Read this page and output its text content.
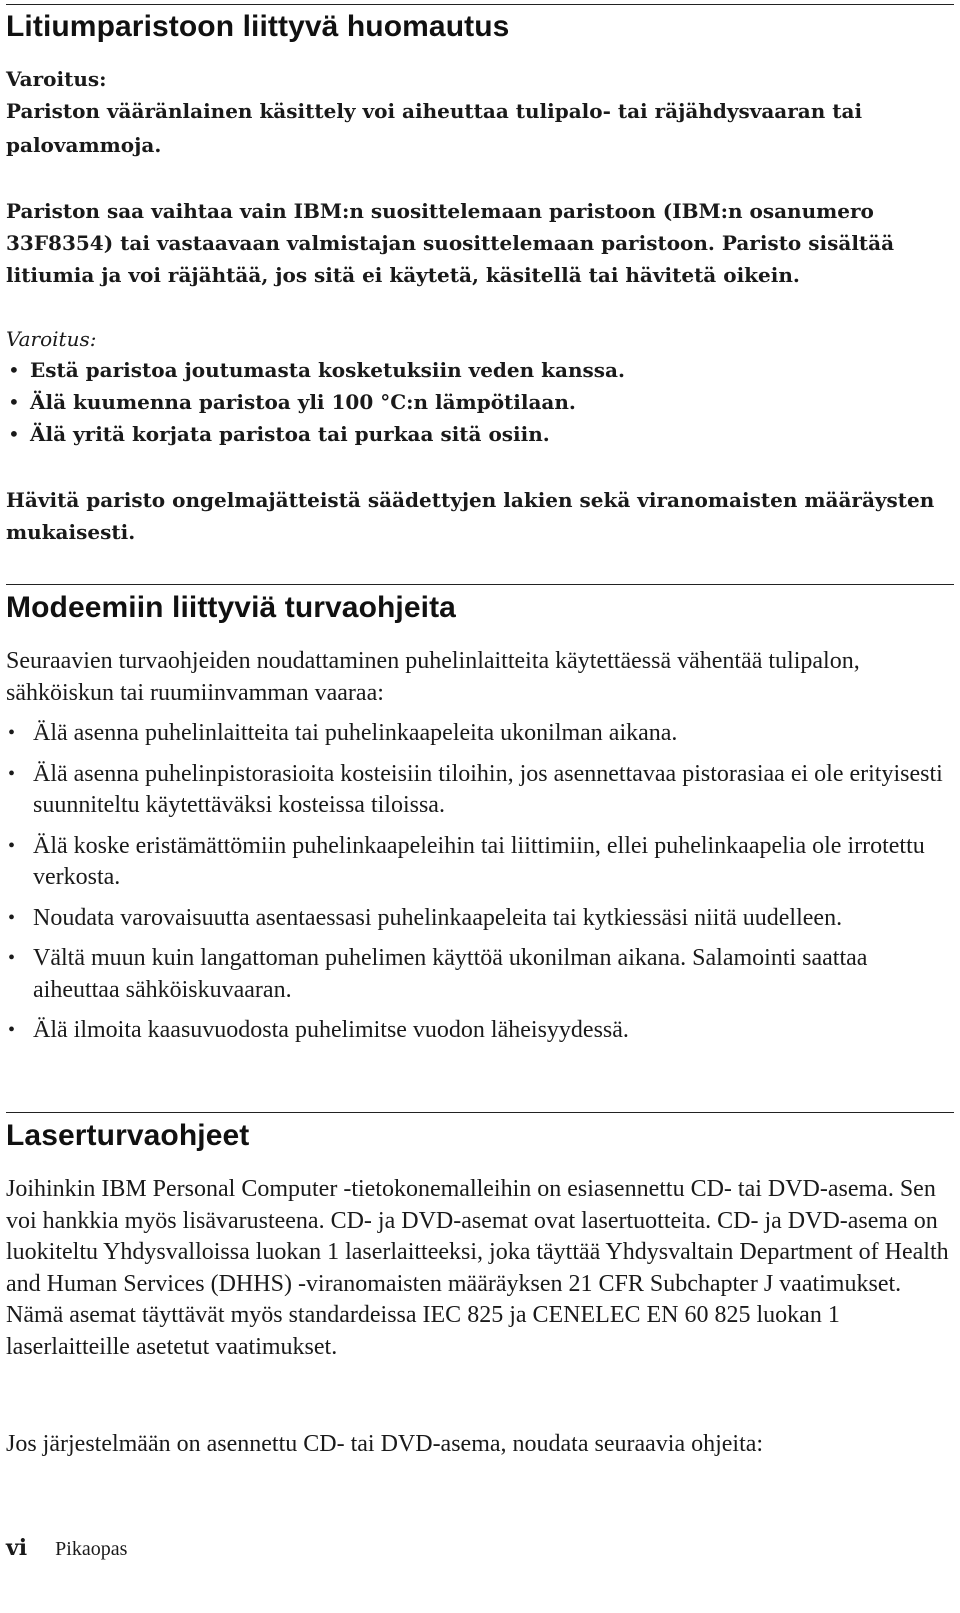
Litiumparistoon liittyvä huomautus
Varoitus:

Pariston vääränlainen käsittely voi aiheuttaa tulipalo- tai räjähdysvaaran tai palovammoja.

Pariston saa vaihtaa vain IBM:n suosittelemaan paristoon (IBM:n osanumero 33F8354) tai vastaavaan valmistajan suosittelemaan paristoon. Paristo sisältää litiumia ja voi räjähtää, jos sitä ei käytetä, käsitellä tai hävitetä oikein.

Varoitus:
• Estä paristoa joutumasta kosketuksiin veden kanssa.
• Älä kuumenna paristoa yli 100 °C:n lämpötilaan.
• Älä yritä korjata paristoa tai purkaa sitä osiin.

Hävitä paristo ongelmajätteistä säädettyjen lakien sekä viranomaisten määräysten mukaisesti.

Modeemiin liittyviä turvaohjeita

Seuraavien turvaohjeiden noudattaminen puhelinlaitteita käytettäessä vähentää tulipalon, sähköiskun tai ruumiinvamman vaaraa:

• Älä asenna puhelinlaitteita tai puhelinkaapeleita ukonilman aikana.
• Älä asenna puhelinpistorasioita kosteisiin tiloihin, jos asennettavaa pistorasiaa ei ole erityisesti suunniteltu käytettäväksi kosteissa tiloissa.
• Älä koske eristämättömiin puhelinkaapeleihin tai liittimiin, ellei puhelinkaapelia ole irrotettu verkosta.
• Noudata varovaisuutta asentaessasi puhelinkaapeleita tai kytkiessäsi niitä uudelleen.
• Vältä muun kuin langattoman puhelimen käyttöä ukonilman aikana. Salamointi saattaa aiheuttaa sähköiskuvaaran.
• Älä ilmoita kaasuvuodosta puhelimitse vuodon läheisyydessä.
Laserturvaohjeet

Joihinkin IBM Personal Computer -tietokonemalleihin on esiasennettu CD- tai DVD-asema. Sen voi hankkia myös lisävarusteena. CD- ja DVD-asemat ovat lasertuotteita. CD- ja DVD-asema on luokiteltu Yhdysvalloissa luokan 1 laserlaitteeksi, joka täyttää Yhdysvaltain Department of Health and Human Services (DHHS) -viranomaisten määräyksen 21 CFR Subchapter J vaatimukset. Nämä asemat täyttävät myös standardeissa IEC 825 ja CENELEC EN 60 825 luokan 1 laserlaitteille asetetut vaatimukset.

Jos järjestelmään on asennettu CD- tai DVD-asema, noudata seuraavia ohjeita:

vi Pikaopas
